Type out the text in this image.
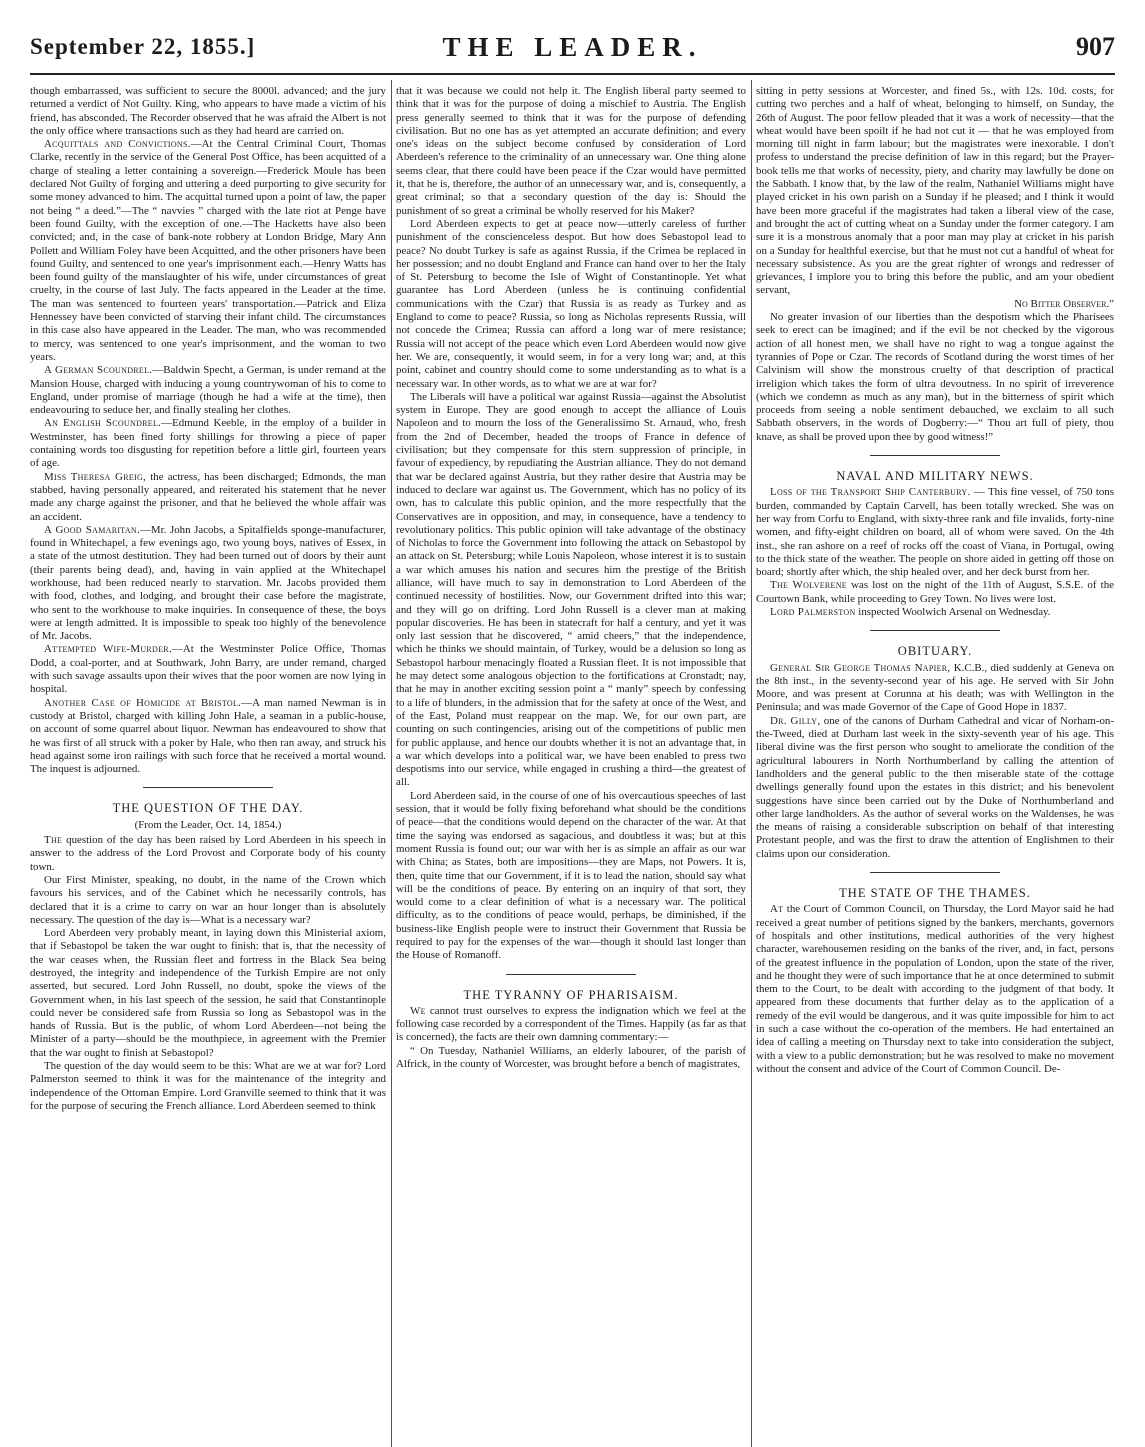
September 22, 1855.]	THE LEADER.	907

though embarrassed, was sufficient to secure the 8000l. advanced; and the jury returned a verdict of Not Guilty. King, who appears to have made a victim of his friend, has absconded. The Recorder observed that he was afraid the Albert is not the only office where transactions such as they had heard are carried on.

Acquittals and Convictions.—At the Central Criminal Court, Thomas Clarke, recently in the service of the General Post Office, has been acquitted of a charge of stealing a letter containing a sovereign.—Frederick Moule has been declared Not Guilty of forging and uttering a deed purporting to give security for some money advanced to him. The acquittal turned upon a point of law, the paper not being “ a deed.”—The “ navvies ” charged with the late riot at Penge have been found Guilty, with the exception of one.—The Hacketts have also been convicted; and, in the case of bank-note robbery at London Bridge, Mary Ann Pollett and William Foley have been Acquitted, and the other prisoners have been found Guilty, and sentenced to one year's imprisonment each.—Henry Watts has been found guilty of the manslaughter of his wife, under circumstances of great cruelty, in the course of last July. The facts appeared in the Leader at the time. The man was sentenced to fourteen years' transportation.—Patrick and Eliza Hennessey have been convicted of starving their infant child. The circumstances in this case also have appeared in the Leader. The man, who was recommended to mercy, was sentenced to one year's imprisonment, and the woman to two years.

A German Scoundrel.—Baldwin Specht, a German, is under remand at the Mansion House, charged with inducing a young countrywoman of his to come to England, under promise of marriage (though he had a wife at the time), then endeavouring to seduce her, and finally stealing her clothes.

An English Scoundrel.—Edmund Keeble, in the employ of a builder in Westminster, has been fined forty shillings for throwing a piece of paper containing words too disgusting for repetition before a little girl, fourteen years of age.

Miss Theresa Greig, the actress, has been discharged; Edmonds, the man stabbed, having personally appeared, and reiterated his statement that he never made any charge against the prisoner, and that he believed the whole affair was an accident.

A Good Samaritan.—Mr. John Jacobs, a Spitalfields sponge-manufacturer, found in Whitechapel, a few evenings ago, two young boys, natives of Essex, in a state of the utmost destitution. They had been turned out of doors by their aunt (their parents being dead), and, having in vain applied at the Whitechapel workhouse, had been reduced nearly to starvation. Mr. Jacobs provided them with food, clothes, and lodging, and brought their case before the magistrate, who sent to the workhouse to make inquiries. In consequence of these, the boys were at length admitted. It is impossible to speak too highly of the benevolence of Mr. Jacobs.

Attempted Wife-Murder.—At the Westminster Police Office, Thomas Dodd, a coal-porter, and at Southwark, John Barry, are under remand, charged with such savage assaults upon their wives that the poor women are now lying in hospital.

Another Case of Homicide at Bristol.—A man named Newman is in custody at Bristol, charged with killing John Hale, a seaman in a public-house, on account of some quarrel about liquor. Newman has endeavoured to show that he was first of all struck with a poker by Hale, who then ran away, and struck his head against some iron railings with such force that he received a mortal wound. The inquest is adjourned.

THE QUESTION OF THE DAY.
(From the Leader, Oct. 14, 1854.)

The question of the day has been raised by Lord Aberdeen in his speech in answer to the address of the Lord Provost and Corporate body of his county town.

Our First Minister, speaking, no doubt, in the name of the Crown which favours his services, and of the Cabinet which he necessarily controls, has declared that it is a crime to carry on war an hour longer than is absolutely necessary. The question of the day is—What is a necessary war?

Lord Aberdeen very probably meant, in laying down this Ministerial axiom, that if Sebastopol be taken the war ought to finish: that is, that the necessity of the war ceases when, the Russian fleet and fortress in the Black Sea being destroyed, the integrity and independence of the Turkish Empire are not only asserted, but secured. Lord John Russell, no doubt, spoke the views of the Government when, in his last speech of the session, he said that Constantinople could never be considered safe from Russia so long as Sebastopol was in the hands of Russia. But is the public, of whom Lord Aberdeen—not being the Minister of a party—should be the mouthpiece, in agreement with the Premier that the war ought to finish at Sebastopol?

The question of the day would seem to be this: What are we at war for? Lord Palmerston seemed to think it was for the maintenance of the integrity and independence of the Ottoman Empire. Lord Granville seemed to think that it was for the purpose of securing the French alliance. Lord Aberdeen seemed to think

that it was because we could not help it. The English liberal party seemed to think that it was for the purpose of doing a mischief to Austria. The English press generally seemed to think that it was for the purpose of defending civilisation. But no one has as yet attempted an accurate definition; and every one's ideas on the subject become confused by consideration of Lord Aberdeen's reference to the criminality of an unnecessary war. One thing alone seems clear, that there could have been peace if the Czar would have permitted it, that he is, therefore, the author of an unnecessary war, and is, consequently, a great criminal; so that a secondary question of the day is: Should the punishment of so great a criminal be wholly reserved for his Maker?

Lord Aberdeen expects to get at peace now—utterly careless of further punishment of the conscienceless despot. But how does Sebastopol lead to peace? No doubt Turkey is safe as against Russia, if the Crimea be replaced in her possession; and no doubt England and France can hand over to her the Italy of St. Petersburg to become the Isle of Wight of Constantinople. Yet what guarantee has Lord Aberdeen (unless he is continuing confidential communications with the Czar) that Russia is as ready as Turkey and as England to come to peace? Russia, so long as Nicholas represents Russia, will not concede the Crimea; Russia can afford a long war of mere resistance; Russia will not accept of the peace which even Lord Aberdeen would now give her. We are, consequently, it would seem, in for a very long war; and, at this point, cabinet and country should come to some understanding as to what is a necessary war. In other words, as to what we are at war for?

The Liberals will have a political war against Russia—against the Absolutist system in Europe. They are good enough to accept the alliance of Louis Napoleon and to mourn the loss of the Generalissimo St. Arnaud, who, fresh from the 2nd of December, headed the troops of France in defence of civilisation; but they compensate for this stern suppression of principle, in favour of expediency, by repudiating the Austrian alliance. They do not demand that war be declared against Austria, but they rather desire that Austria may be induced to declare war against us. The Government, which has no policy of its own, has to calculate this public opinion, and the more respectfully that the Conservatives are in opposition, and may, in consequence, have a tendency to revolutionary politics. This public opinion will take advantage of the obstinacy of Nicholas to force the Government into following the attack on Sebastopol by an attack on St. Petersburg; while Louis Napoleon, whose interest it is to sustain a war which amuses his nation and secures him the prestige of the British alliance, will have much to say in demonstration to Lord Aberdeen of the continued necessity of hostilities. Now, our Government drifted into this war; and they will go on drifting. Lord John Russell is a clever man at making popular discoveries. He has been in statecraft for half a century, and yet it was only last session that he discovered, “ amid cheers,” that the independence, which he thinks we should maintain, of Turkey, would be a delusion so long as Sebastopol harbour menacingly floated a Russian fleet. It is not impossible that he may detect some analogous objection to the fortifications at Cronstadt; nay, that he may in another exciting session point a “ manly” speech by confessing to a life of blunders, in the admission that for the safety at once of the West, and of the East, Poland must reappear on the map. We, for our own part, are counting on such contingencies, arising out of the competitions of public men for public applause, and hence our doubts whether it is not an advantage that, in a war which develops into a political war, we have been enabled to press two despotisms into our service, while engaged in crushing a third—the greatest of all.

Lord Aberdeen said, in the course of one of his overcautious speeches of last session, that it would be folly fixing beforehand what should be the conditions of peace—that the conditions would depend on the character of the war. At that time the saying was endorsed as sagacious, and doubtless it was; but at this moment Russia is found out; our war with her is as simple an affair as our war with China; as States, both are impositions—they are Maps, not Powers. It is, then, quite time that our Government, if it is to lead the nation, should say what will be the conditions of peace. By entering on an inquiry of that sort, they would come to a clear definition of what is a necessary war. The political difficulty, as to the conditions of peace would, perhaps, be diminished, if the business-like English people were to instruct their Government that Russia be required to pay for the expenses of the war—though it should last longer than the House of Romanoff.

THE TYRANNY OF PHARISAISM.

We cannot trust ourselves to express the indignation which we feel at the following case recorded by a correspondent of the Times. Happily (as far as that is concerned), the facts are their own damning commentary:—

“ On Tuesday, Nathaniel Williams, an elderly labourer, of the parish of Alfrick, in the county of Worcester, was brought before a bench of magistrates,

sitting in petty sessions at Worcester, and fined 5s., with 12s. 10d. costs, for cutting two perches and a half of wheat, belonging to himself, on Sunday, the 26th of August. The poor fellow pleaded that it was a work of necessity—that the wheat would have been spoilt if he had not cut it — that he was employed from morning till night in farm labour; but the magistrates were inexorable. I don't profess to understand the precise definition of law in this regard; but the Prayer-book tells me that works of necessity, piety, and charity may lawfully be done on the Sabbath. I know that, by the law of the realm, Nathaniel Williams might have played cricket in his own parish on a Sunday if he pleased; and I think it would have been more graceful if the magistrates had taken a liberal view of the case, and brought the act of cutting wheat on a Sunday under the former category. I am sure it is a monstrous anomaly that a poor man may play at cricket in his parish on a Sunday for healthful exercise, but that he must not cut a handful of wheat for necessary subsistence. As you are the great righter of wrongs and redresser of grievances, I implore you to bring this before the public, and am your obedient servant,

No Bitter Observer.”

No greater invasion of our liberties than the despotism which the Pharisees seek to erect can be imagined; and if the evil be not checked by the vigorous action of all honest men, we shall have no right to wag a tongue against the tyrannies of Pope or Czar. The records of Scotland during the worst times of her Calvinism will show the monstrous cruelty of that description of practical irreligion which takes the form of ultra devoutness. In no spirit of irreverence (which we condemn as much as any man), but in the bitterness of spirit which proceeds from seeing a noble sentiment debauched, we exclaim to all such Sabbath observers, in the words of Dogberry:—“ Thou art full of piety, thou knave, as shall be proved upon thee by good witness!”

NAVAL AND MILITARY NEWS.

Loss of the Transport Ship Canterbury. — This fine vessel, of 750 tons burden, commanded by Captain Carvell, has been totally wrecked. She was on her way from Corfu to England, with sixty-three rank and file invalids, forty-nine women, and fifty-eight children on board, all of whom were saved. On the 4th inst., she ran ashore on a reef of rocks off the coast of Viana, in Portugal, owing to the thick state of the weather. The people on shore aided in getting off those on board; shortly after which, the ship healed over, and her deck burst from her.

The Wolverene was lost on the night of the 11th of August, S.S.E. of the Courtown Bank, while proceeding to Grey Town. No lives were lost.

Lord Palmerston inspected Woolwich Arsenal on Wednesday.

OBITUARY.

General Sir George Thomas Napier, K.C.B., died suddenly at Geneva on the 8th inst., in the seventy-second year of his age. He served with Sir John Moore, and was present at Corunna at his death; was with Wellington in the Peninsula; and was made Governor of the Cape of Good Hope in 1837.

Dr. Gilly, one of the canons of Durham Cathedral and vicar of Norham-on-the-Tweed, died at Durham last week in the sixty-seventh year of his age. This liberal divine was the first person who sought to ameliorate the condition of the agricultural labourers in North Northumberland by calling the attention of landholders and the general public to the then miserable state of the cottage dwellings generally found upon the estates in this district; and his benevolent suggestions have since been carried out by the Duke of Northumberland and other large landholders. As the author of several works on the Waldenses, he was the means of raising a considerable subscription on behalf of that interesting Protestant people, and was the first to draw the attention of Englishmen to their claims upon our consideration.

THE STATE OF THE THAMES.

At the Court of Common Council, on Thursday, the Lord Mayor said he had received a great number of petitions signed by the bankers, merchants, governors of hospitals and other institutions, medical authorities of the very highest character, warehousemen residing on the banks of the river, and, in fact, persons of the greatest influence in the population of London, upon the state of the river, and he thought they were of such importance that he at once determined to submit them to the Court, to be dealt with according to the judgment of that body. It appeared from these documents that further delay as to the application of a remedy of the evil would be dangerous, and it was quite impossible for him to act in such a case without the co-operation of the members. He had entertained an idea of calling a meeting on Thursday next to take into consideration the subject, with a view to a public demonstration; but he was resolved to make no movement without the consent and advice of the Court of Common Council. De-
